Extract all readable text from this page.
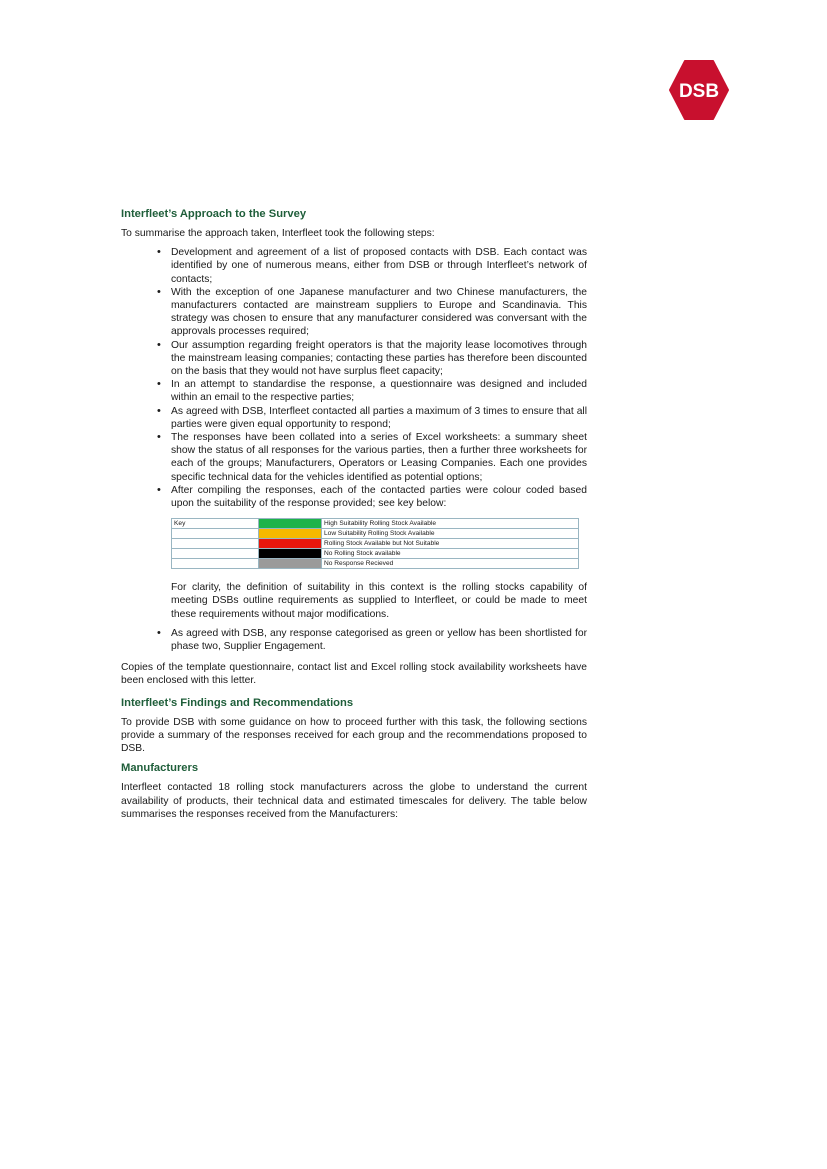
DSB
Interfleet’s Approach to the Survey

To summarise the approach taken, Interfleet took the following steps:

• Development and agreement of a list of proposed contacts with DSB. Each contact was identified by one of numerous means, either from DSB or through Interfleet’s network of contacts;
• With the exception of one Japanese manufacturer and two Chinese manufacturers, the manufacturers contacted are mainstream suppliers to Europe and Scandinavia. This strategy was chosen to ensure that any manufacturer considered was conversant with the approvals processes required;
• Our assumption regarding freight operators is that the majority lease locomotives through the mainstream leasing companies; contacting these parties has therefore been discounted on the basis that they would not have surplus fleet capacity;
• In an attempt to standardise the response, a questionnaire was designed and included within an email to the respective parties;
• As agreed with DSB, Interfleet contacted all parties a maximum of 3 times to ensure that all parties were given equal opportunity to respond;
• The responses have been collated into a series of Excel worksheets: a summary sheet show the status of all responses for the various parties, then a further three worksheets for each of the groups; Manufacturers, Operators or Leasing Companies. Each one provides specific technical data for the vehicles identified as potential options;
• After compiling the responses, each of the contacted parties were colour coded based upon the suitability of the response provided; see key below:
Key		High Suitability Rolling Stock Available
		Low Suitability Rolling Stock Available
		Rolling Stock Available but Not Suitable
		No Rolling Stock available
		No Response Recieved

For clarity, the definition of suitability in this context is the rolling stocks capability of meeting DSBs outline requirements as supplied to Interfleet, or could be made to meet these requirements without major modifications.

• As agreed with DSB, any response categorised as green or yellow has been shortlisted for phase two, Supplier Engagement.

Copies of the template questionnaire, contact list and Excel rolling stock availability worksheets have been enclosed with this letter.

Interfleet’s Findings and Recommendations

To provide DSB with some guidance on how to proceed further with this task, the following sections provide a summary of the responses received for each group and the recommendations proposed to DSB.

Manufacturers

Interfleet contacted 18 rolling stock manufacturers across the globe to understand the current availability of products, their technical data and estimated timescales for delivery. The table below summarises the responses received from the Manufacturers:
